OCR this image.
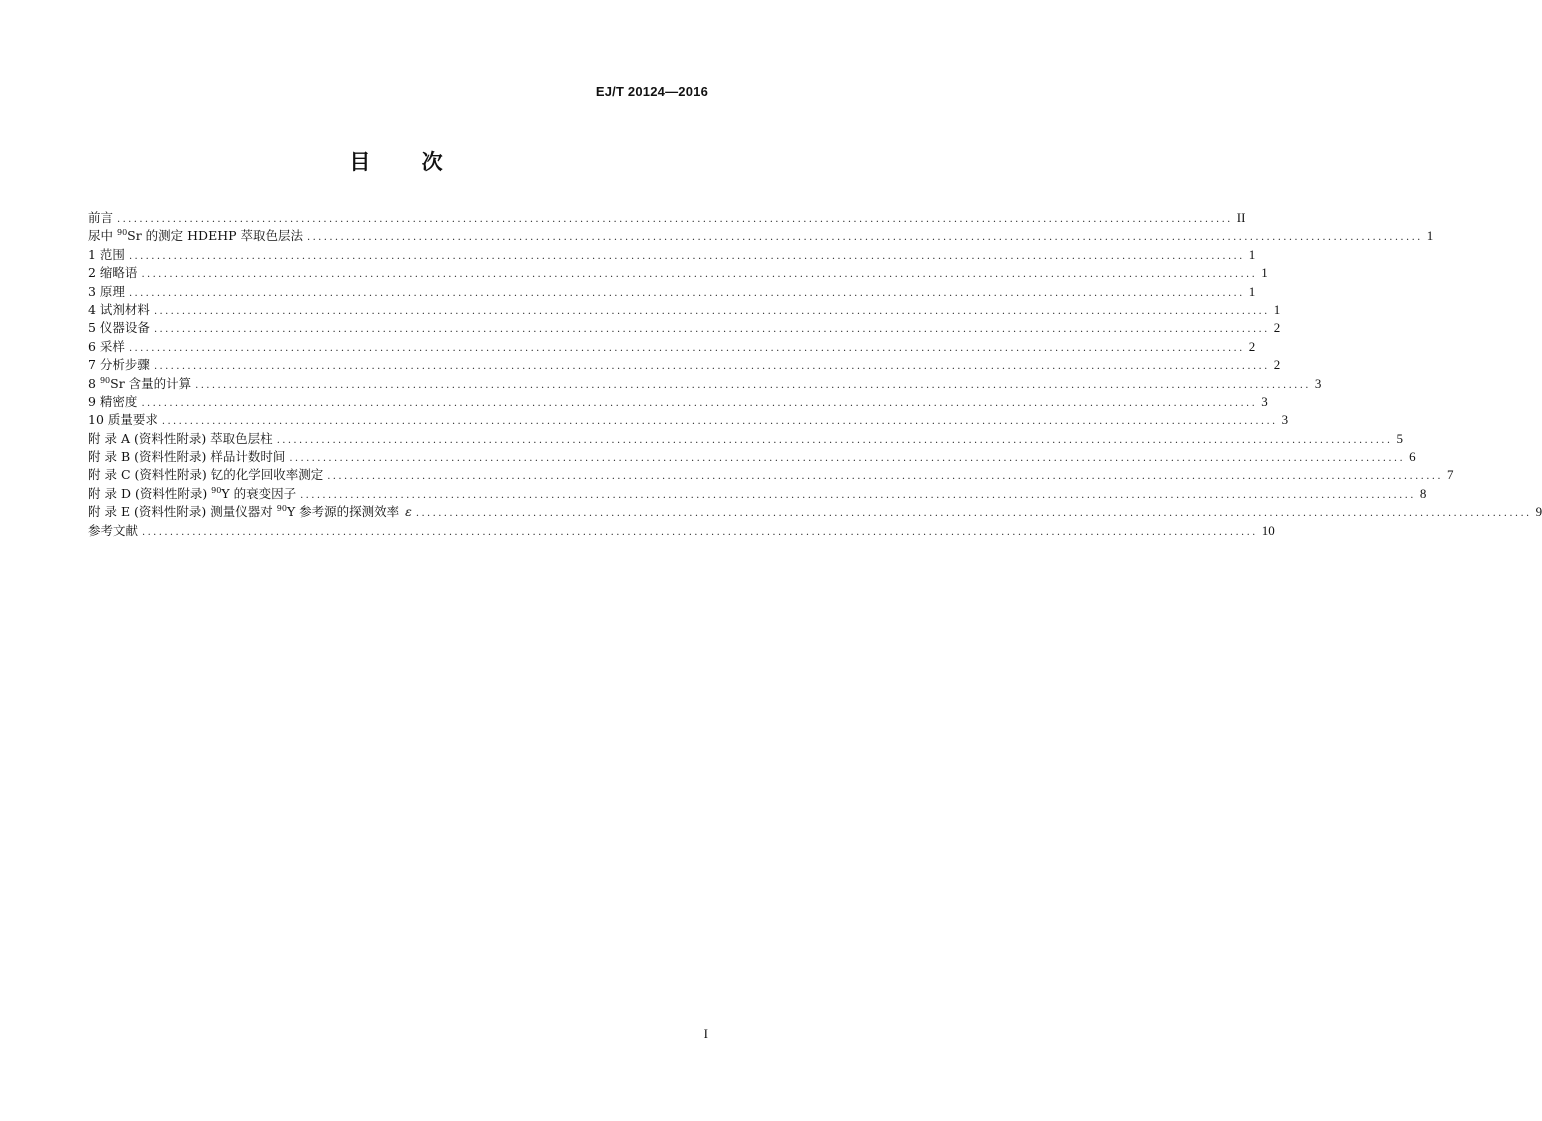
EJ/T 20124—2016
目 次
前言 ........................................................................................................................................................................................................ II
尿中 $^{90}$Sr 的测定 HDEHP 萃取色层法 ........................................................................................................................................................................................................ 1
1 范围 ........................................................................................................................................................................................................ 1
2 缩略语 ........................................................................................................................................................................................................ 1
3 原理 ........................................................................................................................................................................................................ 1
4 试剂材料 ........................................................................................................................................................................................................ 1
5 仪器设备 ........................................................................................................................................................................................................ 2
6 采样 ........................................................................................................................................................................................................ 2
7 分析步骤 ........................................................................................................................................................................................................ 2
8 $^{90}$Sr 含量的计算 ........................................................................................................................................................................................................ 3
9 精密度 ........................................................................................................................................................................................................ 3
10 质量要求 ........................................................................................................................................................................................................ 3
附 录 A (资料性附录) 萃取色层柱 ........................................................................................................................................................................................................ 5
附 录 B (资料性附录) 样品计数时间 ........................................................................................................................................................................................................ 6
附 录 C (资料性附录) 钇的化学回收率测定 ........................................................................................................................................................................................................ 7
附 录 D (资料性附录) $^{90}$Y 的衰变因子 ........................................................................................................................................................................................................ 8
附 录 E (资料性附录) 测量仪器对 $^{90}$Y 参考源的探测效率 ε ........................................................................................................................................................................................................ 9
参考文献 ........................................................................................................................................................................................................ 10
I
